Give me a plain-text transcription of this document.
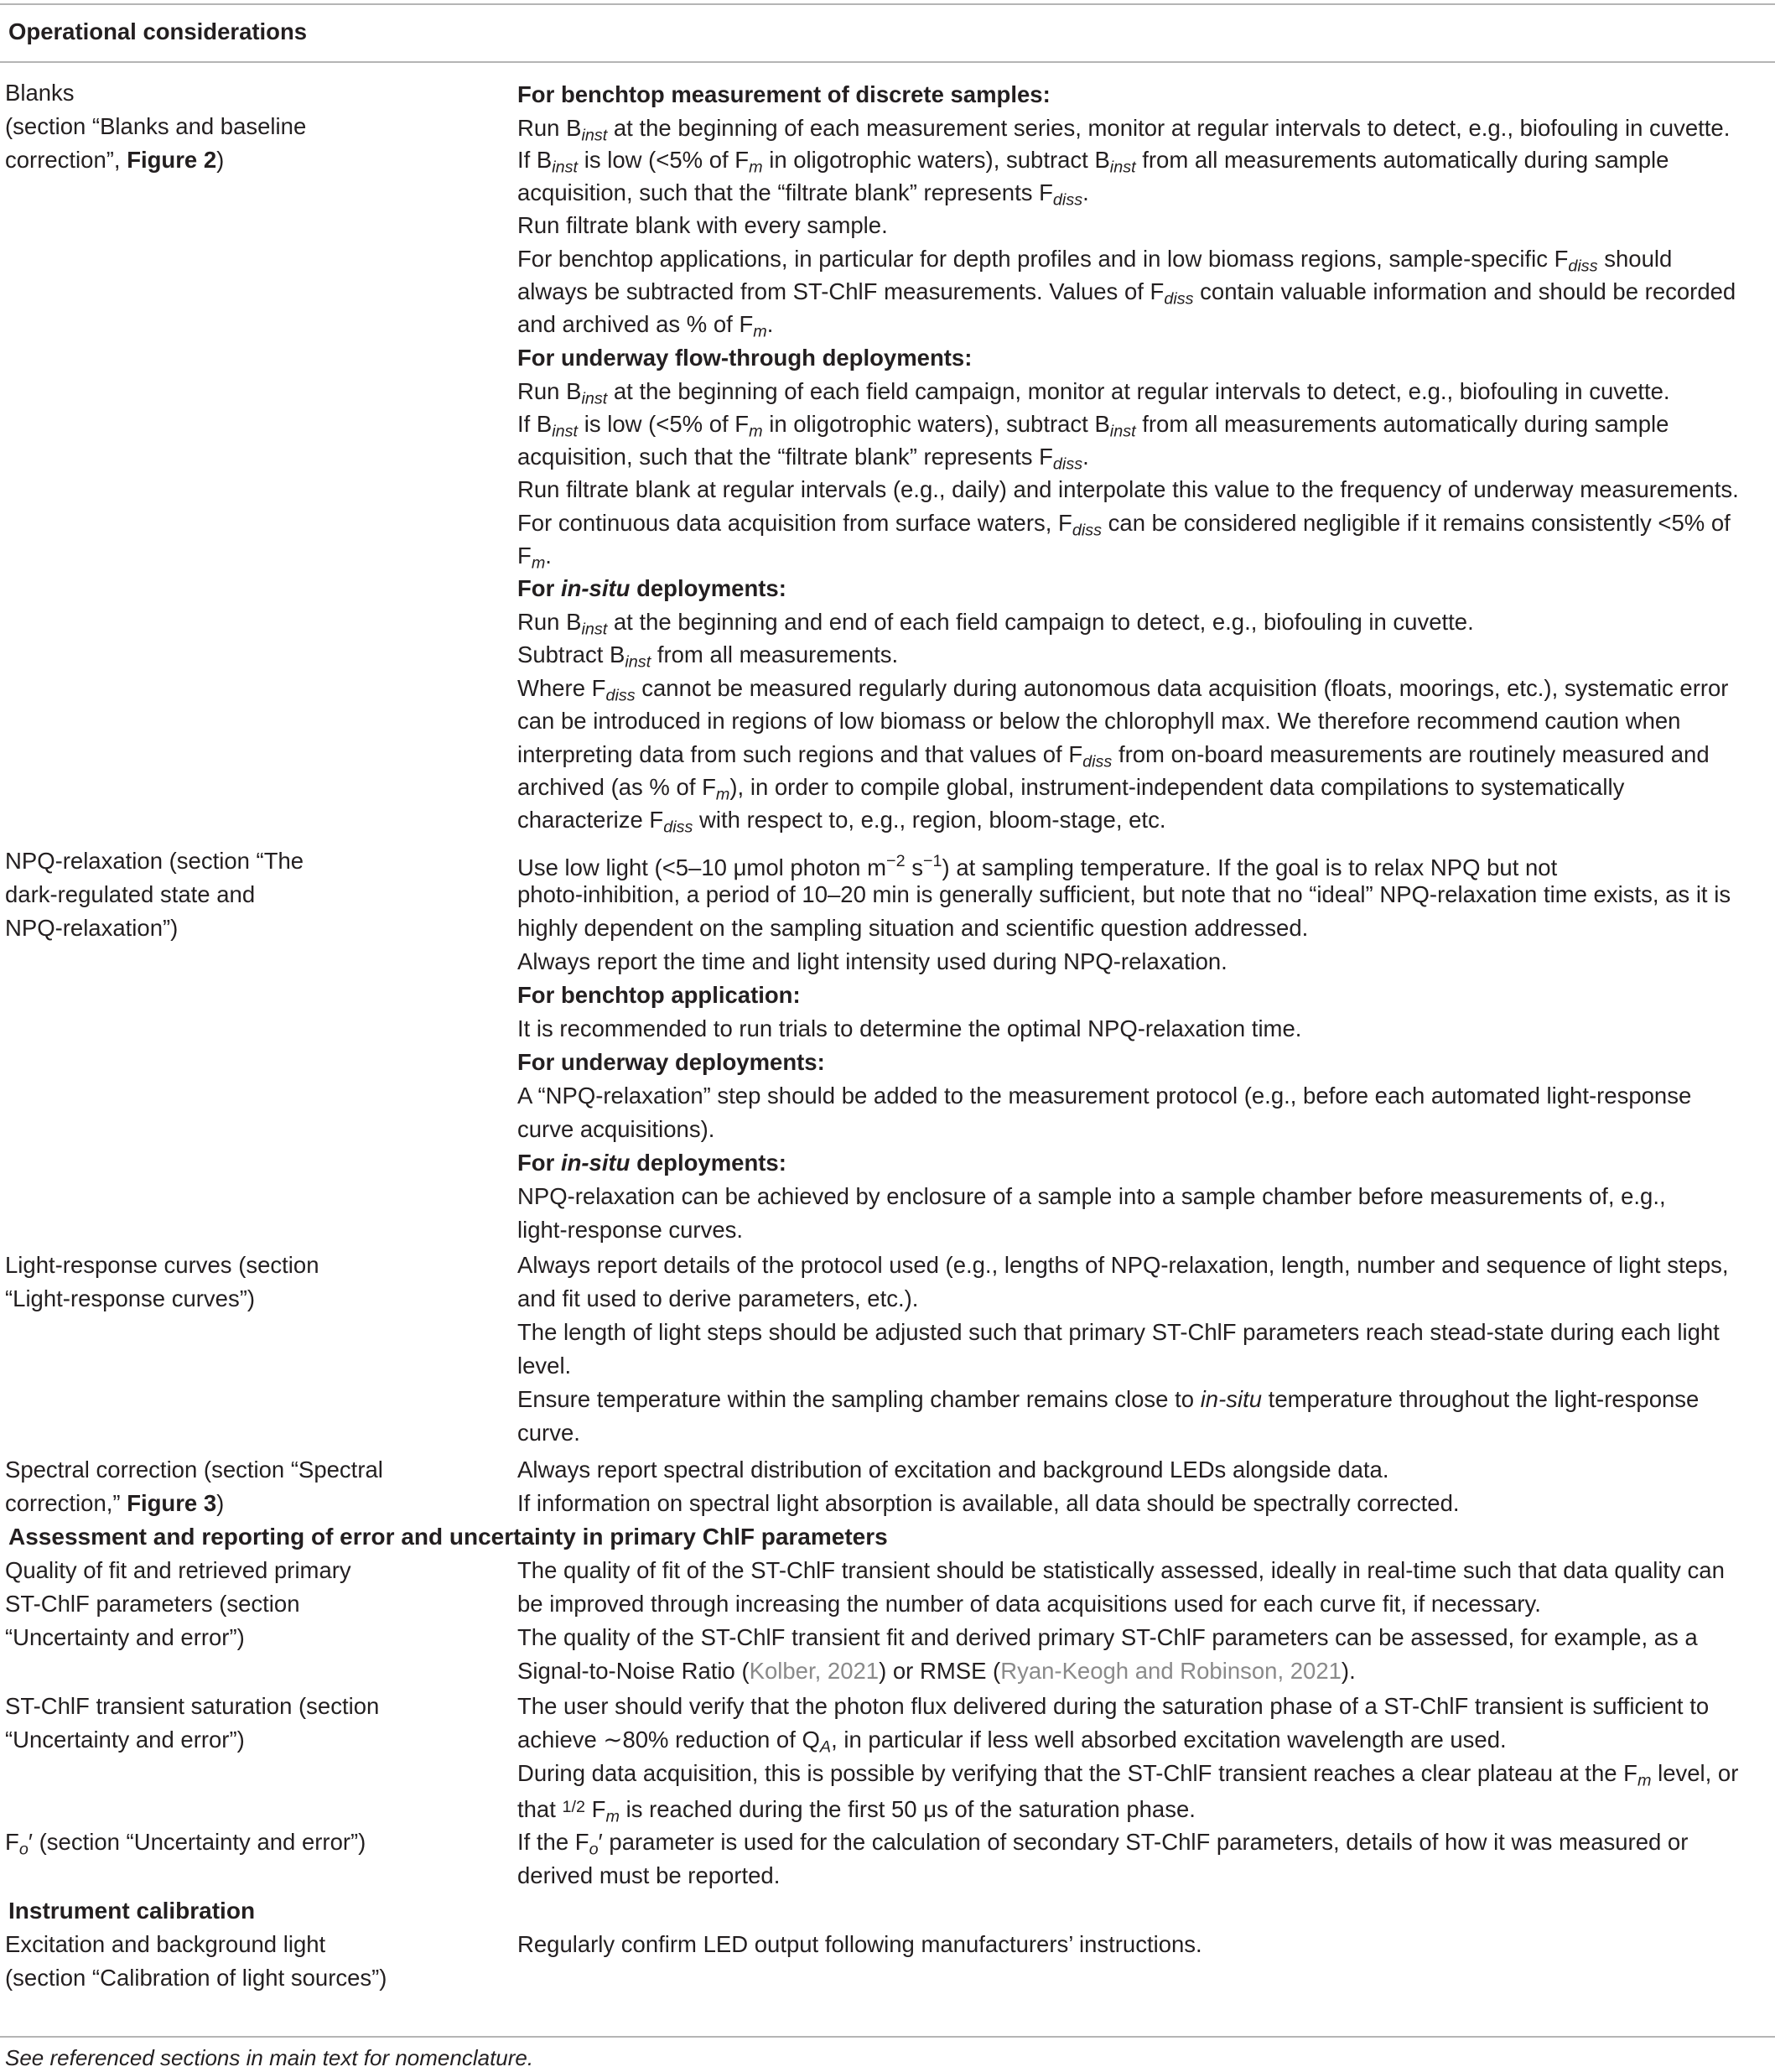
Operational considerations
Blanks
(section “Blanks and baseline
correction”, Figure 2)
For benchtop measurement of discrete samples:
Run $B_{inst}$ at the beginning of each measurement series, monitor at regular intervals to detect, e.g., biofouling in cuvette.
If $B_{inst}$ is low (<5% of $F_m$ in oligotrophic waters), subtract $B_{inst}$ from all measurements automatically during sample
acquisition, such that the “filtrate blank” represents $F_{diss}$.
Run filtrate blank with every sample.
For benchtop applications, in particular for depth profiles and in low biomass regions, sample-specific $F_{diss}$ should
always be subtracted from ST-ChlF measurements. Values of $F_{diss}$ contain valuable information and should be recorded
and archived as % of $F_m$.
For underway flow-through deployments:
Run $B_{inst}$ at the beginning of each field campaign, monitor at regular intervals to detect, e.g., biofouling in cuvette.
If $B_{inst}$ is low (<5% of $F_m$ in oligotrophic waters), subtract $B_{inst}$ from all measurements automatically during sample
acquisition, such that the “filtrate blank” represents $F_{diss}$.
Run filtrate blank at regular intervals (e.g., daily) and interpolate this value to the frequency of underway measurements.
For continuous data acquisition from surface waters, $F_{diss}$ can be considered negligible if it remains consistently <5% of
$F_m$.
For in-situ deployments:
Run $B_{inst}$ at the beginning and end of each field campaign to detect, e.g., biofouling in cuvette.
Subtract $B_{inst}$ from all measurements.
Where $F_{diss}$ cannot be measured regularly during autonomous data acquisition (floats, moorings, etc.), systematic error
can be introduced in regions of low biomass or below the chlorophyll max. We therefore recommend caution when
interpreting data from such regions and that values of $F_{diss}$ from on-board measurements are routinely measured and
archived (as % of $F_m$), in order to compile global, instrument-independent data compilations to systematically
characterize $F_{diss}$ with respect to, e.g., region, bloom-stage, etc.
NPQ-relaxation (section “The
dark-regulated state and
NPQ-relaxation”)
Use low light (<5–10 μmol photon $m^{-2}$ $s^{-1}$) at sampling temperature. If the goal is to relax NPQ but not
photo-inhibition, a period of 10–20 min is generally sufficient, but note that no “ideal” NPQ-relaxation time exists, as it is
highly dependent on the sampling situation and scientific question addressed.
Always report the time and light intensity used during NPQ-relaxation.
For benchtop application:
It is recommended to run trials to determine the optimal NPQ-relaxation time.
For underway deployments:
A “NPQ-relaxation” step should be added to the measurement protocol (e.g., before each automated light-response
curve acquisitions).
For in-situ deployments:
NPQ-relaxation can be achieved by enclosure of a sample into a sample chamber before measurements of, e.g.,
light-response curves.
Light-response curves (section
“Light-response curves”)
Always report details of the protocol used (e.g., lengths of NPQ-relaxation, length, number and sequence of light steps,
and fit used to derive parameters, etc.).
The length of light steps should be adjusted such that primary ST-ChlF parameters reach stead-state during each light
level.
Ensure temperature within the sampling chamber remains close to in-situ temperature throughout the light-response
curve.
Spectral correction (section “Spectral
correction,” Figure 3)
Always report spectral distribution of excitation and background LEDs alongside data.
If information on spectral light absorption is available, all data should be spectrally corrected.
Assessment and reporting of error and uncertainty in primary ChlF parameters
Quality of fit and retrieved primary
ST-ChlF parameters (section
“Uncertainty and error”)
The quality of fit of the ST-ChlF transient should be statistically assessed, ideally in real-time such that data quality can
be improved through increasing the number of data acquisitions used for each curve fit, if necessary.
The quality of the ST-ChlF transient fit and derived primary ST-ChlF parameters can be assessed, for example, as a
Signal-to-Noise Ratio (Kolber, 2021) or RMSE (Ryan-Keogh and Robinson, 2021).
ST-ChlF transient saturation (section
“Uncertainty and error”)
The user should verify that the photon flux delivered during the saturation phase of a ST-ChlF transient is sufficient to
achieve ∼80% reduction of $Q_A$, in particular if less well absorbed excitation wavelength are used.
During data acquisition, this is possible by verifying that the ST-ChlF transient reaches a clear plateau at the $F_m$ level, or
that $^{1/2}$ $F_m$ is reached during the first 50 μs of the saturation phase.
$F_o'$ (section “Uncertainty and error”)	If the $F_o'$ parameter is used for the calculation of secondary ST-ChlF parameters, details of how it was measured or
derived must be reported.
Instrument calibration
Excitation and background light
(section “Calibration of light sources”)
Regularly confirm LED output following manufacturers’ instructions.
See referenced sections in main text for nomenclature.
